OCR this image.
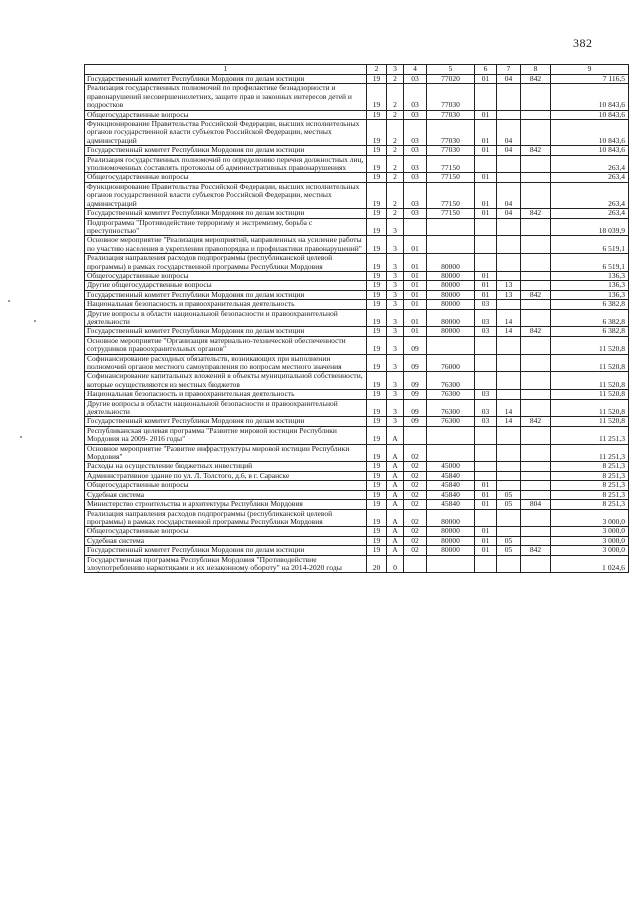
382
1	2	3	4	5	6	7	8	9
Государственный комитет Республики Мордовия по делам юстиции	19	2	03	77020	01	04	842	7 116,5
Реализация государственных полномочий по профилактике безнадзорности и правонарушений несовершеннолетних, защите прав и законных интересов детей и подростков	19	2	03	77030				10 843,6
Общегосударственные вопросы	19	2	03	77030	01			10 843,6
Функционирование Правительства Российской Федерации, высших исполнительных органов государственной власти субъектов Российской Федерации, местных администраций	19	2	03	77030	01	04		10 843,6
Государственный комитет Республики Мордовия по делам юстиции	19	2	03	77030	01	04	842	10 843,6
Реализация государственных полномочий по определению перечня должностных лиц, уполномоченных составлять протоколы об административных правонарушениях	19	2	03	77150				263,4
Общегосударственные вопросы	19	2	03	77150	01			263,4
Функционирование Правительства Российской Федерации, высших исполнительных органов государственной власти субъектов Российской Федерации, местных администраций	19	2	03	77150	01	04		263,4
Государственный комитет Республики Мордовия по делам юстиции	19	2	03	77150	01	04	842	263,4
Подпрограмма "Противодействие терроризму и экстремизму, борьба с преступностью"	19	3						18 039,9
Основное мероприятие "Реализация мероприятий, направленных на усиление работы по участию населения в укреплении правопорядка и профилактики правонарушений"	19	3	01					6 519,1
Реализация направления расходов подпрограммы (республиканской целевой программы) в рамках государственной программы Республики Мордовия	19	3	01	80000				6 519,1
Общегосударственные вопросы	19	3	01	80000	01			136,3
Другие общегосударственные вопросы	19	3	01	80000	01	13		136,3
Государственный комитет Республики Мордовия по делам юстиции	19	3	01	80000	01	13	842	136,3
Национальная безопасность и правоохранительная деятельность	19	3	01	80000	03			6 382,8
Другие вопросы в области национальной безопасности и правоохранительной деятельности	19	3	01	80000	03	14		6 382,8
Государственный комитет Республики Мордовия по делам юстиции	19	3	01	80000	03	14	842	6 382,8
Основное мероприятие "Организация материально-технической обеспеченности сотрудников правоохранительных органов"	19	3	09					11 520,8
Софинансирование расходных обязательств, возникающих при выполнении полномочий органов местного самоуправления по вопросам местного значения	19	3	09	76000				11 520,8
Софинансирование капитальных вложений в объекты муниципальной собственности, которые осуществляются из местных бюджетов	19	3	09	76300				11 520,8
Национальная безопасность и правоохранительная деятельность	19	3	09	76300	03			11 520,8
Другие вопросы в области национальной безопасности и правоохранительной деятельности	19	3	09	76300	03	14		11 520,8
Государственный комитет Республики Мордовия по делам юстиции	19	3	09	76300	03	14	842	11 520,8
Республиканская целевая программа "Развитие мировой юстиции Республики Мордовия на 2009- 2016 годы"	19	А						11 251,3
Основное мероприятие "Развитие инфраструктуры мировой юстиции Республики Мордовия"	19	А	02					11 251,3
Расходы на осуществление бюджетных инвестиций	19	А	02	45000				8 251,3
Административное здание по ул. Л. Толстого, д.6, в г. Саранске	19	А	02	45840				8 251,3
Общегосударственные вопросы	19	А	02	45840	01			8 251,3
Судебная система	19	А	02	45840	01	05		8 251,3
Министерство строительства и архитектуры Республики Мордовия	19	А	02	45840	01	05	804	8 251,3
Реализация направления расходов подпрограммы (республиканской целевой программы) в рамках государственной программы Республики Мордовия	19	А	02	80000				3 000,0
Общегосударственные вопросы	19	А	02	80000	01			3 000,0
Судебная система	19	А	02	80000	01	05		3 000,0
Государственный комитет Республики Мордовия по делам юстиции	19	А	02	80000	01	05	842	3 000,0
Государственная программа Республики Мордовия "Противодействие злоупотреблению наркотиками и их незаконному обороту" на 2014-2020 годы	20	0						1 024,6
